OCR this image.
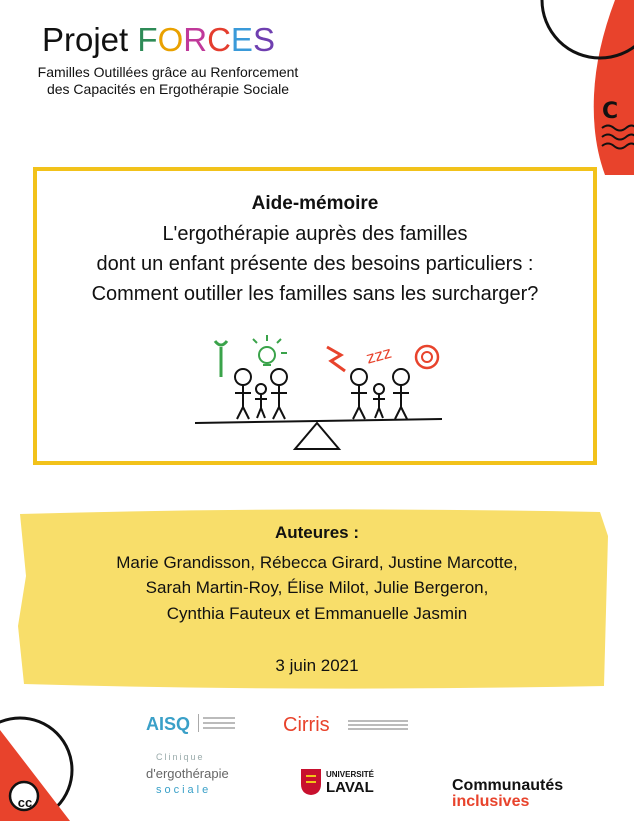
C
Projet FORCES
Familles Outillées grâce au Renforcement
des Capacités en Ergothérapie Sociale
Aide-mémoire
L'ergothérapie auprès des familles
dont un enfant présente des besoins particuliers :
Comment outiller les familles sans les surcharger?
zzz
Auteures :
Marie Grandisson, Rébecca Girard, Justine Marcotte,
Sarah Martin-Roy, Élise Milot, Julie Bergeron,
Cynthia Fauteux et Emmanuelle Jasmin
3 juin 2021
cc
AISQ	Cirris
Clinique
d'ergothérapie
sociale
UNIVERSITÉ
LAVAL	Communautés
inclusives
